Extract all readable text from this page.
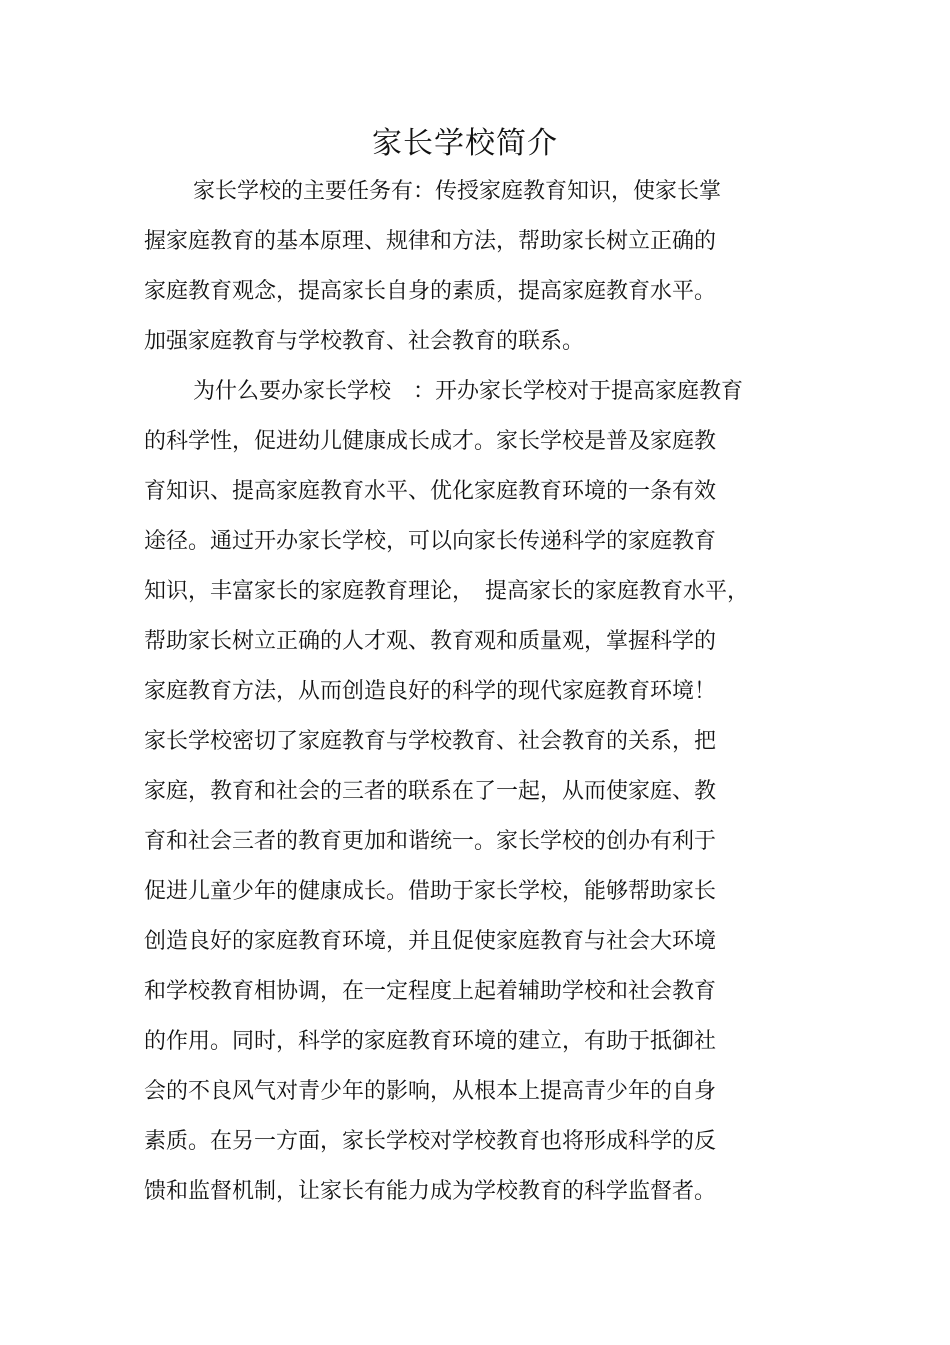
家长学校简介
家长学校的主要任务有：传授家庭教育知识，使家长掌
握家庭教育的基本原理、规律和方法，帮助家长树立正确的
家庭教育观念，提高家长自身的素质，提高家庭教育水平。
加强家庭教育与学校教育、社会教育的联系。
为什么要办家长学校　：开办家长学校对于提高家庭教育
的科学性，促进幼儿健康成长成才。家长学校是普及家庭教
育知识、提高家庭教育水平、优化家庭教育环境的一条有效
途径。通过开办家长学校，可以向家长传递科学的家庭教育
知识，丰富家长的家庭教育理论，　提高家长的家庭教育水平，
帮助家长树立正确的人才观、教育观和质量观，掌握科学的
家庭教育方法，从而创造良好的科学的现代家庭教育环境！
家长学校密切了家庭教育与学校教育、社会教育的关系，把
家庭，教育和社会的三者的联系在了一起，从而使家庭、教
育和社会三者的教育更加和谐统一。家长学校的创办有利于
促进儿童少年的健康成长。借助于家长学校，能够帮助家长
创造良好的家庭教育环境，并且促使家庭教育与社会大环境
和学校教育相协调，在一定程度上起着辅助学校和社会教育
的作用。同时，科学的家庭教育环境的建立，有助于抵御社
会的不良风气对青少年的影响，从根本上提高青少年的自身
素质。在另一方面，家长学校对学校教育也将形成科学的反
馈和监督机制，让家长有能力成为学校教育的科学监督者。
